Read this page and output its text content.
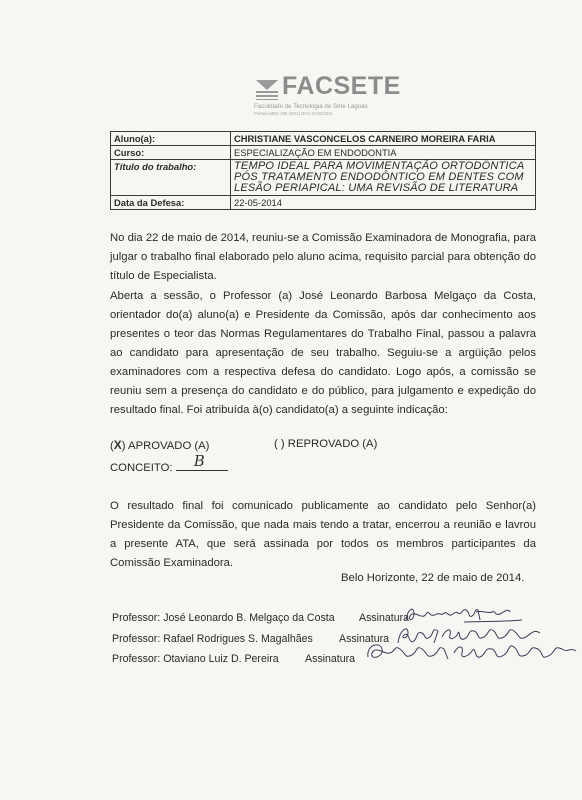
FACSETE
Faculdade de Tecnologia de Sete Lagoas
Portaria MEC 299 (2011) DOU 24/03/2011
Aluno(a):	CHRISTIANE VASCONCELOS CARNEIRO MOREIRA FARIA
Curso:	ESPECIALIZAÇÃO EM ENDODONTIA
Título do trabalho:	TEMPO IDEAL PARA MOVIMENTAÇÃO ORTODÔNTICA
PÓS TRATAMENTO ENDODÔNTICO EM DENTES COM
LESÃO PERIAPICAL: UMA REVISÃO DE LITERATURA

Data da Defesa:	22-05-2014

No dia 22 de maio de 2014, reuniu-se a Comissão Examinadora de Monografia, para julgar o trabalho final elaborado pelo aluno acima, requisito parcial para obtenção do título de Especialista.

Aberta a sessão, o Professor (a) José Leonardo Barbosa Melgaço da Costa, orientador do(a) aluno(a) e Presidente da Comissão, após dar conhecimento aos presentes o teor das Normas Regulamentares do Trabalho Final, passou a palavra ao candidato para apresentação de seu trabalho. Seguiu-se a argüição pelos examinadores com a respectiva defesa do candidato. Logo após, a comissão se reuniu sem a presença do candidato e do público, para julgamento e expedição do resultado final. Foi atribuída à(o) candidato(a) a seguinte indicação:

(X) APROVADO (A)	( ) REPROVADO (A)
CONCEITO: B

O resultado final foi comunicado publicamente ao candidato pelo Senhor(a) Presidente da Comissão, que nada mais tendo a tratar, encerrou a reunião e lavrou a presente ATA, que será assinada por todos os membros participantes da Comissão Examinadora.

Belo Horizonte, 22 de maio de 2014.
Professor: José Leonardo B. Melgaço da Costa Assinatura
Professor: Rafael Rodrigues S. Magalhães Assinatura
Professor: Otaviano Luiz D. Pereira Assinatura
